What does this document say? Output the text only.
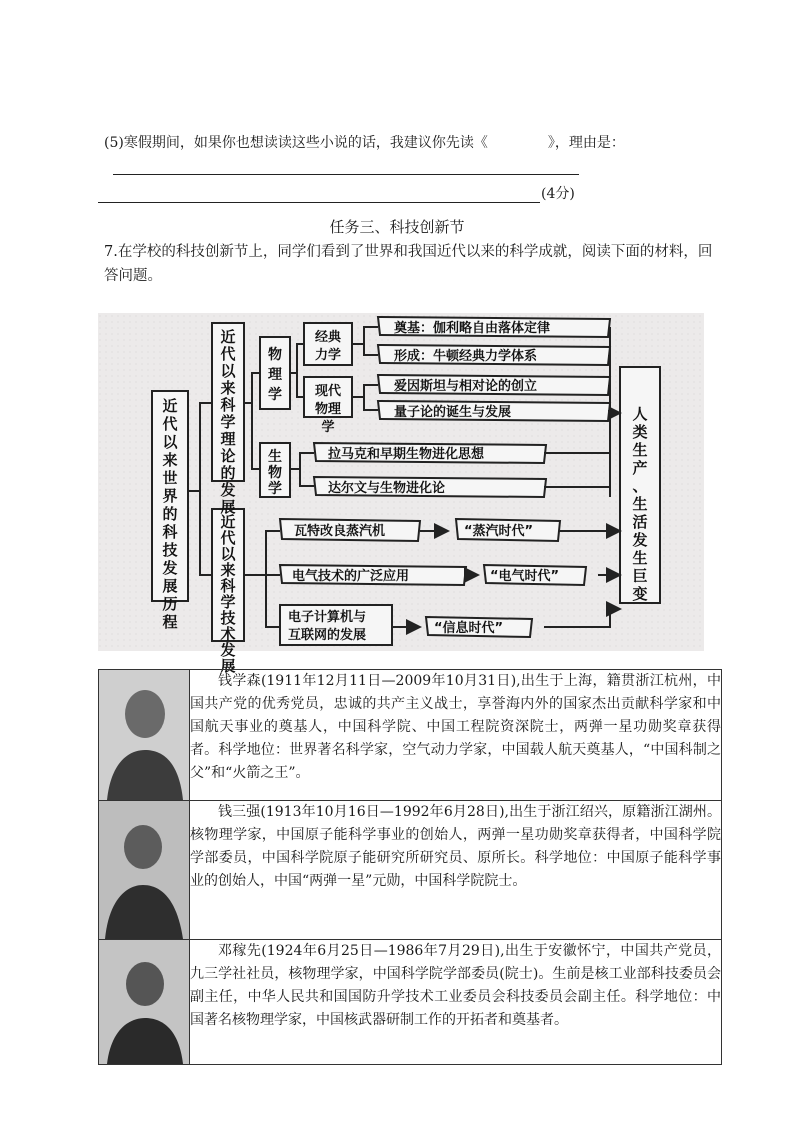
(5)寒假期间，如果你也想读读这些小说的话，我建议你先读《	》，理由是：
(4分)
任务三、科技创新节
7.在学校的科技创新节上，同学们看到了世界和我国近代以来的科学成就，阅读下面的材料，回答问题。
近代以来世界的科技发展历程
近代以来科学理论的发展
近代以来科学技术发展
物理学
生物学
经典力学
现代物理学
奠基：伽利略自由落体定律
形成：牛顿经典力学体系
爱因斯坦与相对论的创立
量子论的诞生与发展
拉马克和早期生物进化思想
达尔文与生物进化论
瓦特改良蒸汽机	“蒸汽时代”
电气技术的广泛应用	“电气时代”
电子计算机与
互联网的发展	“信息时代”
人类生产、生活发生巨变
	钱学森(1911年12月11日—2009年10月31日),出生于上海，籍贯浙江杭州，中国共产党的优秀党员，忠诚的共产主义战士，享誉海内外的国家杰出贡献科学家和中国航天事业的奠基人，中国科学院、中国工程院资深院士，两弹一星功勋奖章获得者。科学地位：世界著名科学家，空气动力学家，中国载人航天奠基人，“中国科制之父”和“火箭之王”。

	钱三强(1913年10月16日—1992年6月28日),出生于浙江绍兴，原籍浙江湖州。核物理学家，中国原子能科学事业的创始人，两弹一星功勋奖章获得者，中国科学院学部委员，中国科学院原子能研究所研究员、原所长。科学地位：中国原子能科学事业的创始人，中国“两弹一星”元勋，中国科学院院士。

	邓稼先(1924年6月25日—1986年7月29日),出生于安徽怀宁，中国共产党员，九三学社社员，核物理学家，中国科学院学部委员(院士)。生前是核工业部科技委员会副主任，中华人民共和国国防升学技术工业委员会科技委员会副主任。科学地位：中国著名核物理学家，中国核武器研制工作的开拓者和奠基者。
